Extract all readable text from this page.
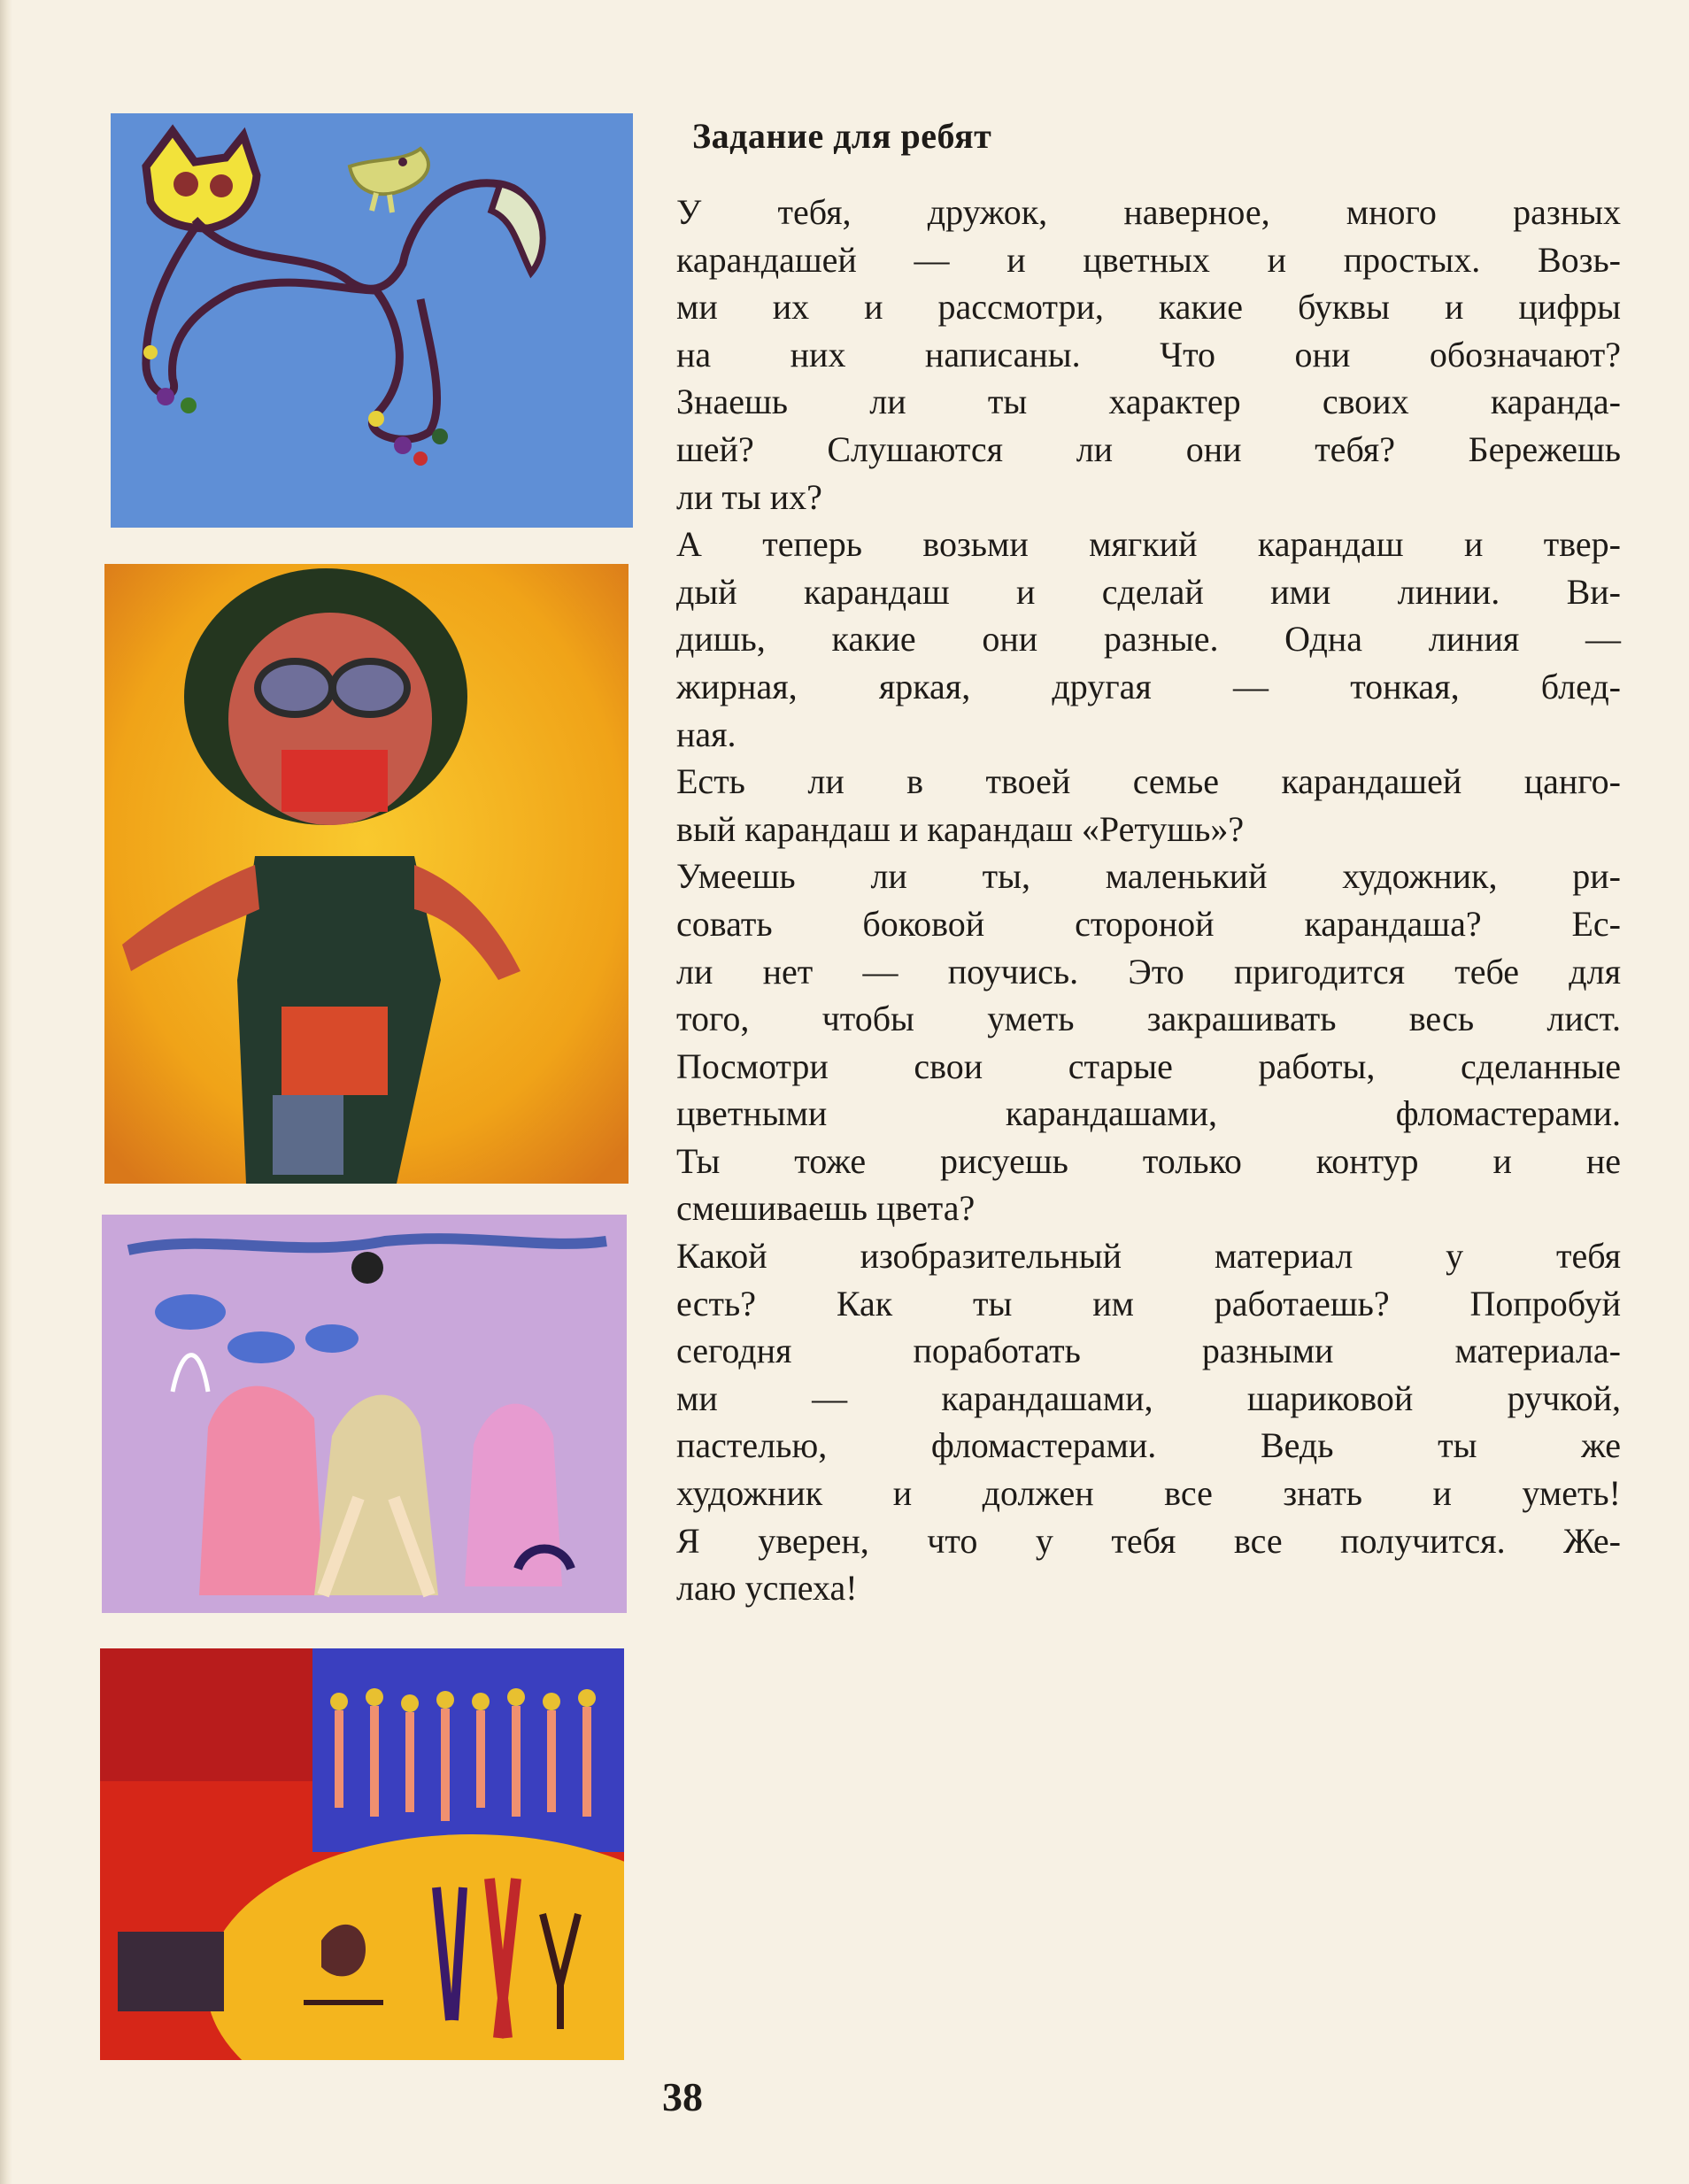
Задание для ребят
У тебя, дружок, наверное, много разных
карандашей — и цветных и простых. Возь-
ми их и рассмотри, какие буквы и цифры
на них написаны. Что они обозначают?
Знаешь ли ты характер своих каранда-
шей? Слушаются ли они тебя? Бережешь
ли ты их?
А теперь возьми мягкий карандаш и твер-
дый карандаш и сделай ими линии. Ви-
дишь, какие они разные. Одна линия —
жирная, яркая, другая — тонкая, блед-
ная.
Есть ли в твоей семье карандашей цанго-
вый карандаш и карандаш «Ретушь»?
Умеешь ли ты, маленький художник, ри-
совать боковой стороной карандаша? Ес-
ли нет — поучись. Это пригодится тебе для
того, чтобы уметь закрашивать весь лист.
Посмотри свои старые работы, сделанные
цветными карандашами, фломастерами.
Ты тоже рисуешь только контур и не
смешиваешь цвета?
Какой изобразительный материал у тебя
есть? Как ты им работаешь? Попробуй
сегодня поработать разными материала-
ми — карандашами, шариковой ручкой,
пастелью, фломастерами. Ведь ты же
художник и должен все знать и уметь!
Я уверен, что у тебя все получится. Же-
лаю успеха!
38
